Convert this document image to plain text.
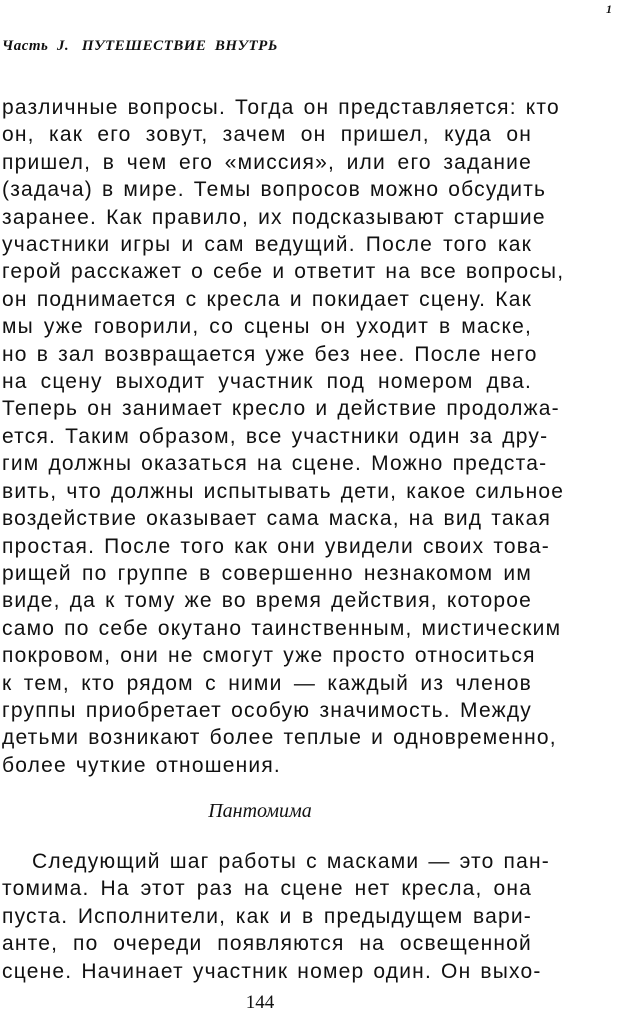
1
Часть  J.   ПУТЕШЕСТВИЕ  ВНУТРЬ
различные вопросы. Тогда он представляется: кто
он, как его зовут, зачем он пришел, куда он
пришел, в чем его «миссия», или его задание
(задача) в мире. Темы вопросов можно обсудить
заранее. Как правило, их подсказывают старшие
участники игры и сам ведущий. После того как
герой расскажет о себе и ответит на все вопросы,
он поднимается с кресла и покидает сцену. Как
мы уже говорили, со сцены он уходит в маске,
но в зал возвращается уже без нее. После него
на сцену выходит участник под номером два.
Теперь он занимает кресло и действие продолжа-
ется. Таким образом, все участники один за дру-
гим должны оказаться на сцене. Можно предста-
вить, что должны испытывать дети, какое сильное
воздействие оказывает сама маска, на вид такая
простая. После того как они увидели своих това-
рищей по группе в совершенно незнакомом им
виде, да к тому же во время действия, которое
само по себе окутано таинственным, мистическим
покровом, они не смогут уже просто относиться
к тем, кто рядом с ними — каждый из членов
группы приобретает особую значимость. Между
детьми возникают более теплые и одновременно,
более чуткие отношения.
Пантомима
Следующий шаг работы с масками — это пан-
томима. На этот раз на сцене нет кресла, она
пуста. Исполнители, как и в предыдущем вари-
анте, по очереди появляются на освещенной
сцене. Начинает участник номер один. Он выхо-
144
